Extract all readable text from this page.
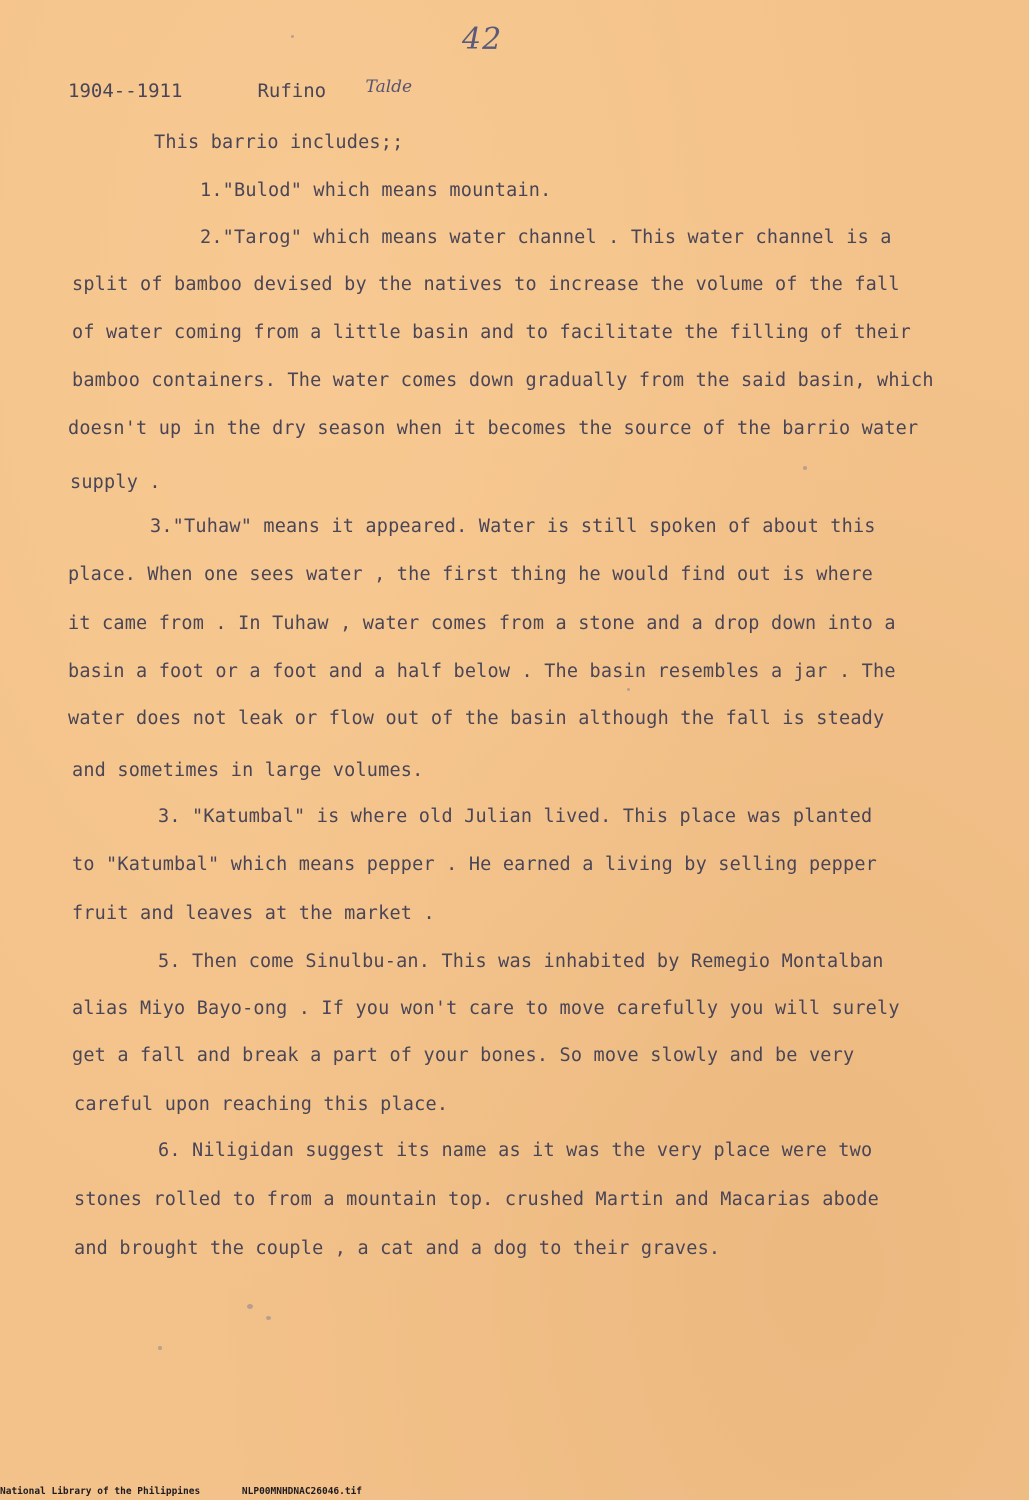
42
1904--1911	Rufino Talde
This barrio includes;;
1."Bulod" which means mountain.
2."Tarog" which means water channel . This water channel is a
split of bamboo devised by the natives to increase the volume of the fall
of water coming from a little basin and to facilitate the filling of their
bamboo containers. The water comes down gradually from the said basin, which
doesn't up in the dry season when it becomes the source of the barrio water
supply .
3."Tuhaw" means it appeared. Water is still spoken of about this
place. When one sees water , the first thing he would find out is where
it came from . In Tuhaw , water comes from a stone and a drop down into a
basin a foot or a foot and a half below . The basin resembles a jar . The
water does not leak or flow out of the basin although the fall is steady
and sometimes in large volumes.
3. "Katumbal" is where old Julian lived. This place was planted
to "Katumbal" which means pepper . He earned a living by selling pepper
fruit and leaves at the market .
5. Then come Sinulbu-an. This was inhabited by Remegio Montalban
alias Miyo Bayo-ong . If you won't care to move carefully you will surely
get a fall and break a part of your bones. So move slowly and be very
careful upon reaching this place.
6. Niligidan suggest its name as it was the very place were two
stones rolled to from a mountain top. crushed Martin and Macarias abode
and brought the couple , a cat and a dog to their graves.
National Library of the Philippines	NLP00MNHDNAC26046.tif
